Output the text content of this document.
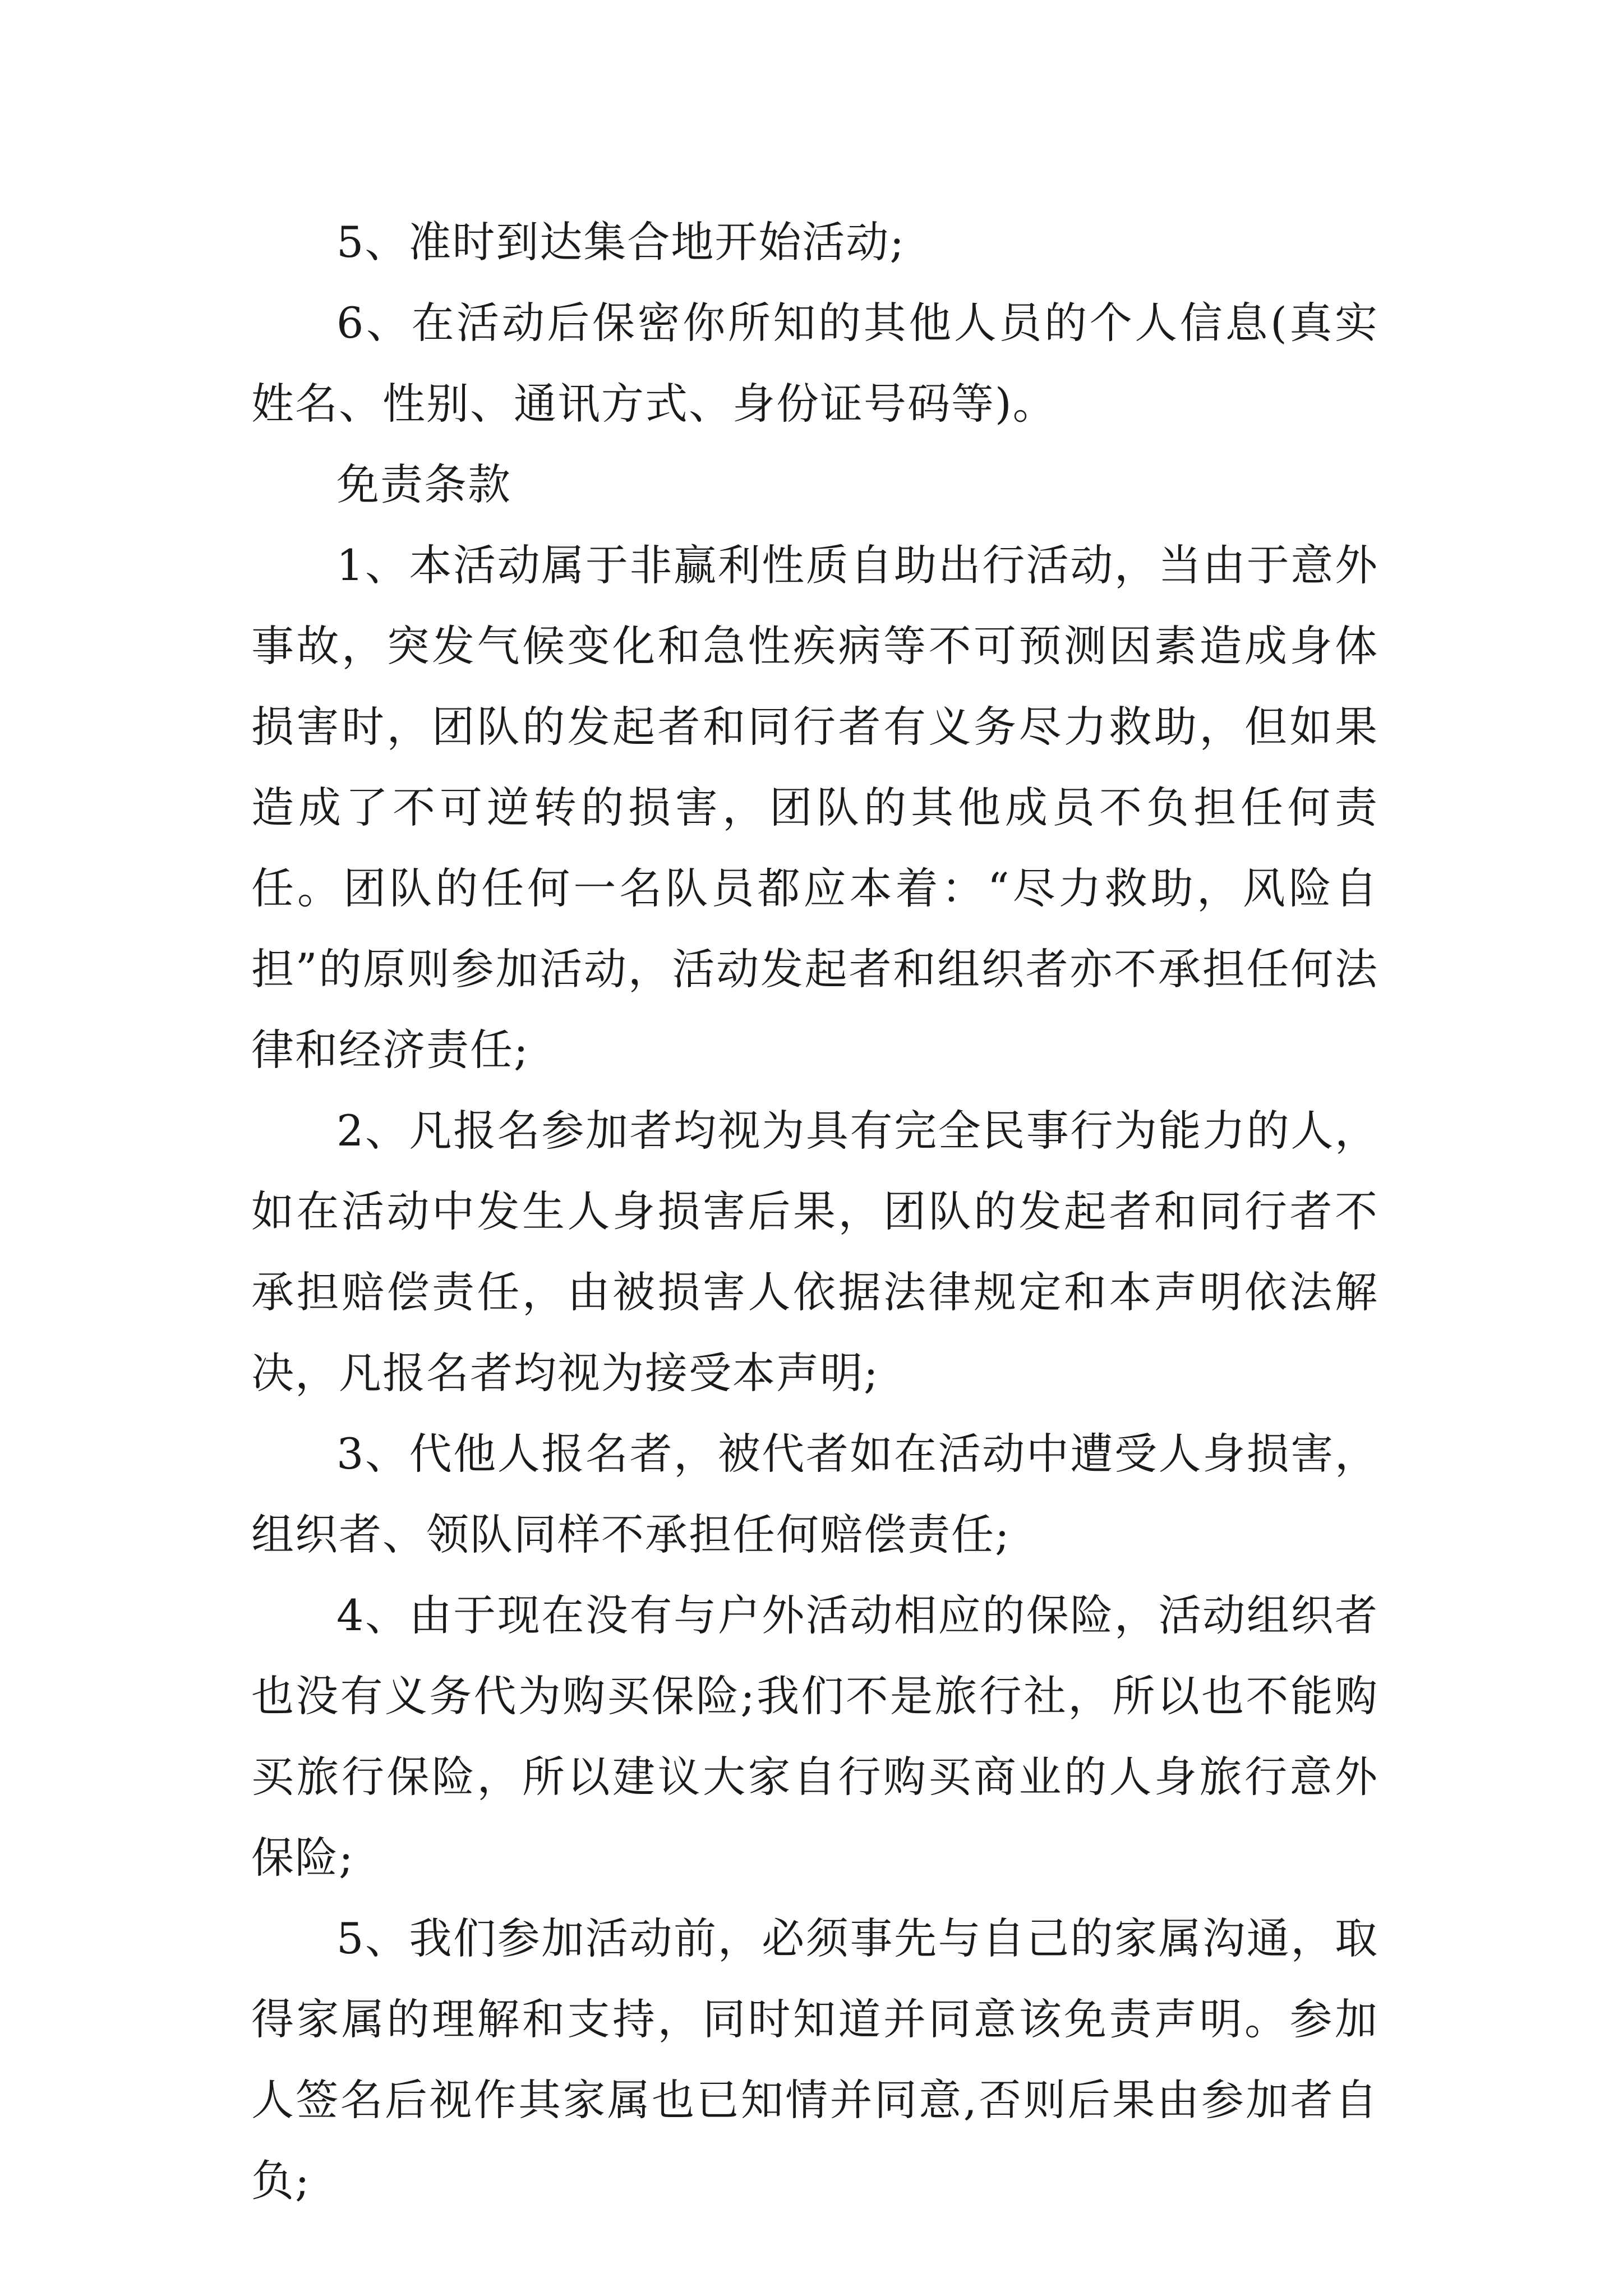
5、准时到达集合地开始活动;

6、在活动后保密你所知的其他人员的个人信息(真实姓名、性别、通讯方式、身份证号码等)。

免责条款

1、本活动属于非赢利性质自助出行活动，当由于意外事故，突发气候变化和急性疾病等不可预测因素造成身体损害时，团队的发起者和同行者有义务尽力救助，但如果造成了不可逆转的损害，团队的其他成员不负担任何责任。团队的任何一名队员都应本着：“尽力救助，风险自担”的原则参加活动，活动发起者和组织者亦不承担任何法律和经济责任;

2、凡报名参加者均视为具有完全民事行为能力的人，如在活动中发生人身损害后果，团队的发起者和同行者不承担赔偿责任，由被损害人依据法律规定和本声明依法解决，凡报名者均视为接受本声明;

3、代他人报名者，被代者如在活动中遭受人身损害，组织者、领队同样不承担任何赔偿责任;

4、由于现在没有与户外活动相应的保险，活动组织者也没有义务代为购买保险;我们不是旅行社，所以也不能购买旅行保险，所以建议大家自行购买商业的人身旅行意外保险;

5、我们参加活动前，必须事先与自己的家属沟通，取得家属的理解和支持，同时知道并同意该免责声明。参加人签名后视作其家属也已知情并同意,否则后果由参加者自负;
